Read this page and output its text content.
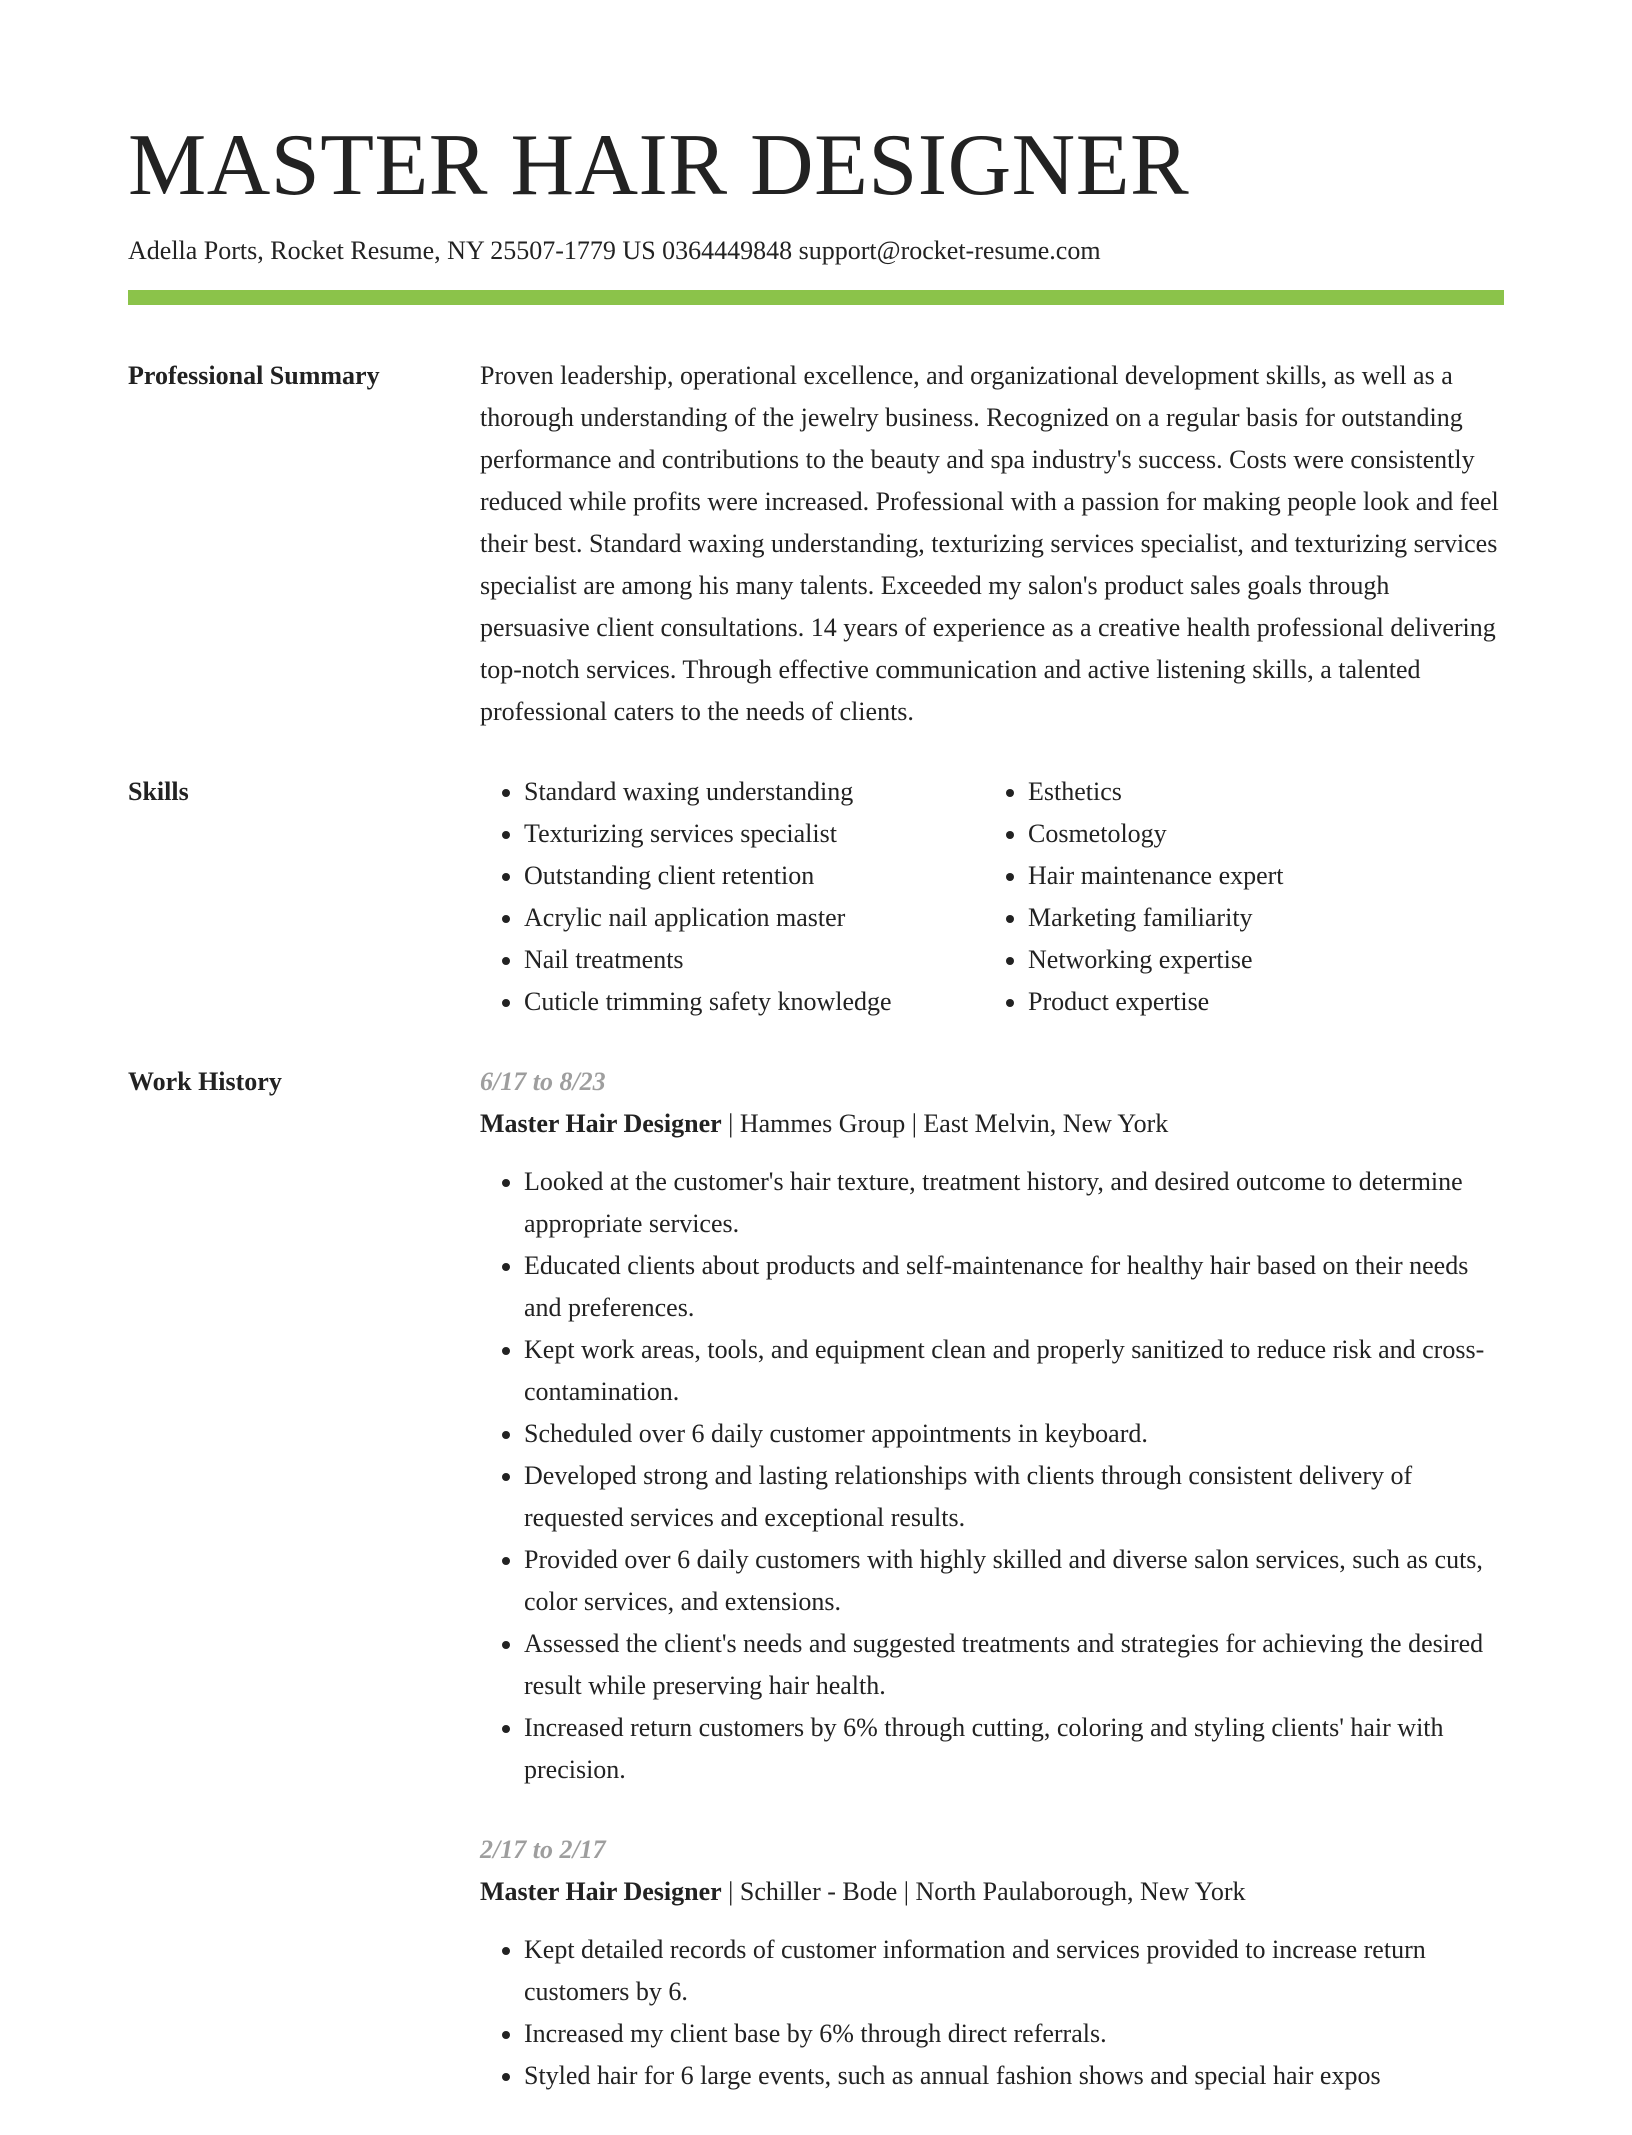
MASTER HAIR DESIGNER
Adella Ports, Rocket Resume, NY 25507-1779 US 0364449848 support@rocket-resume.com
Professional Summary	Proven leadership, operational excellence, and organizational development skills, as well as a thorough understanding of the jewelry business. Recognized on a regular basis for outstanding performance and contributions to the beauty and spa industry's success. Costs were consistently reduced while profits were increased. Professional with a passion for making people look and feel their best. Standard waxing understanding, texturizing services specialist, and texturizing services specialist are among his many talents. Exceeded my salon's product sales goals through persuasive client consultations. 14 years of experience as a creative health professional delivering top-notch services. Through effective communication and active listening skills, a talented professional caters to the needs of clients.

Skills
•	Standard waxing understanding
• Texturizing services specialist
• Outstanding client retention
• Acrylic nail application master
• Nail treatments
• Cuticle trimming safety knowledge
• Esthetics
• Cosmetology
• Hair maintenance expert
• Marketing familiarity
• Networking expertise
• Product expertise
Work History	6/17 to 8/23
Master Hair Designer | Hammes Group | East Melvin, New York
• Looked at the customer's hair texture, treatment history, and desired outcome to determine appropriate services.
• Educated clients about products and self-maintenance for healthy hair based on their needs and preferences.
• Kept work areas, tools, and equipment clean and properly sanitized to reduce risk and cross-contamination.
• Scheduled over 6 daily customer appointments in keyboard.
• Developed strong and lasting relationships with clients through consistent delivery of requested services and exceptional results.
• Provided over 6 daily customers with highly skilled and diverse salon services, such as cuts, color services, and extensions.
• Assessed the client's needs and suggested treatments and strategies for achieving the desired result while preserving hair health.
• Increased return customers by 6% through cutting, coloring and styling clients' hair with precision.
2/17 to 2/17
Master Hair Designer | Schiller - Bode | North Paulaborough, New York
• Kept detailed records of customer information and services provided to increase return customers by 6.
• Increased my client base by 6% through direct referrals.
• Styled hair for 6 large events, such as annual fashion shows and special hair expos
